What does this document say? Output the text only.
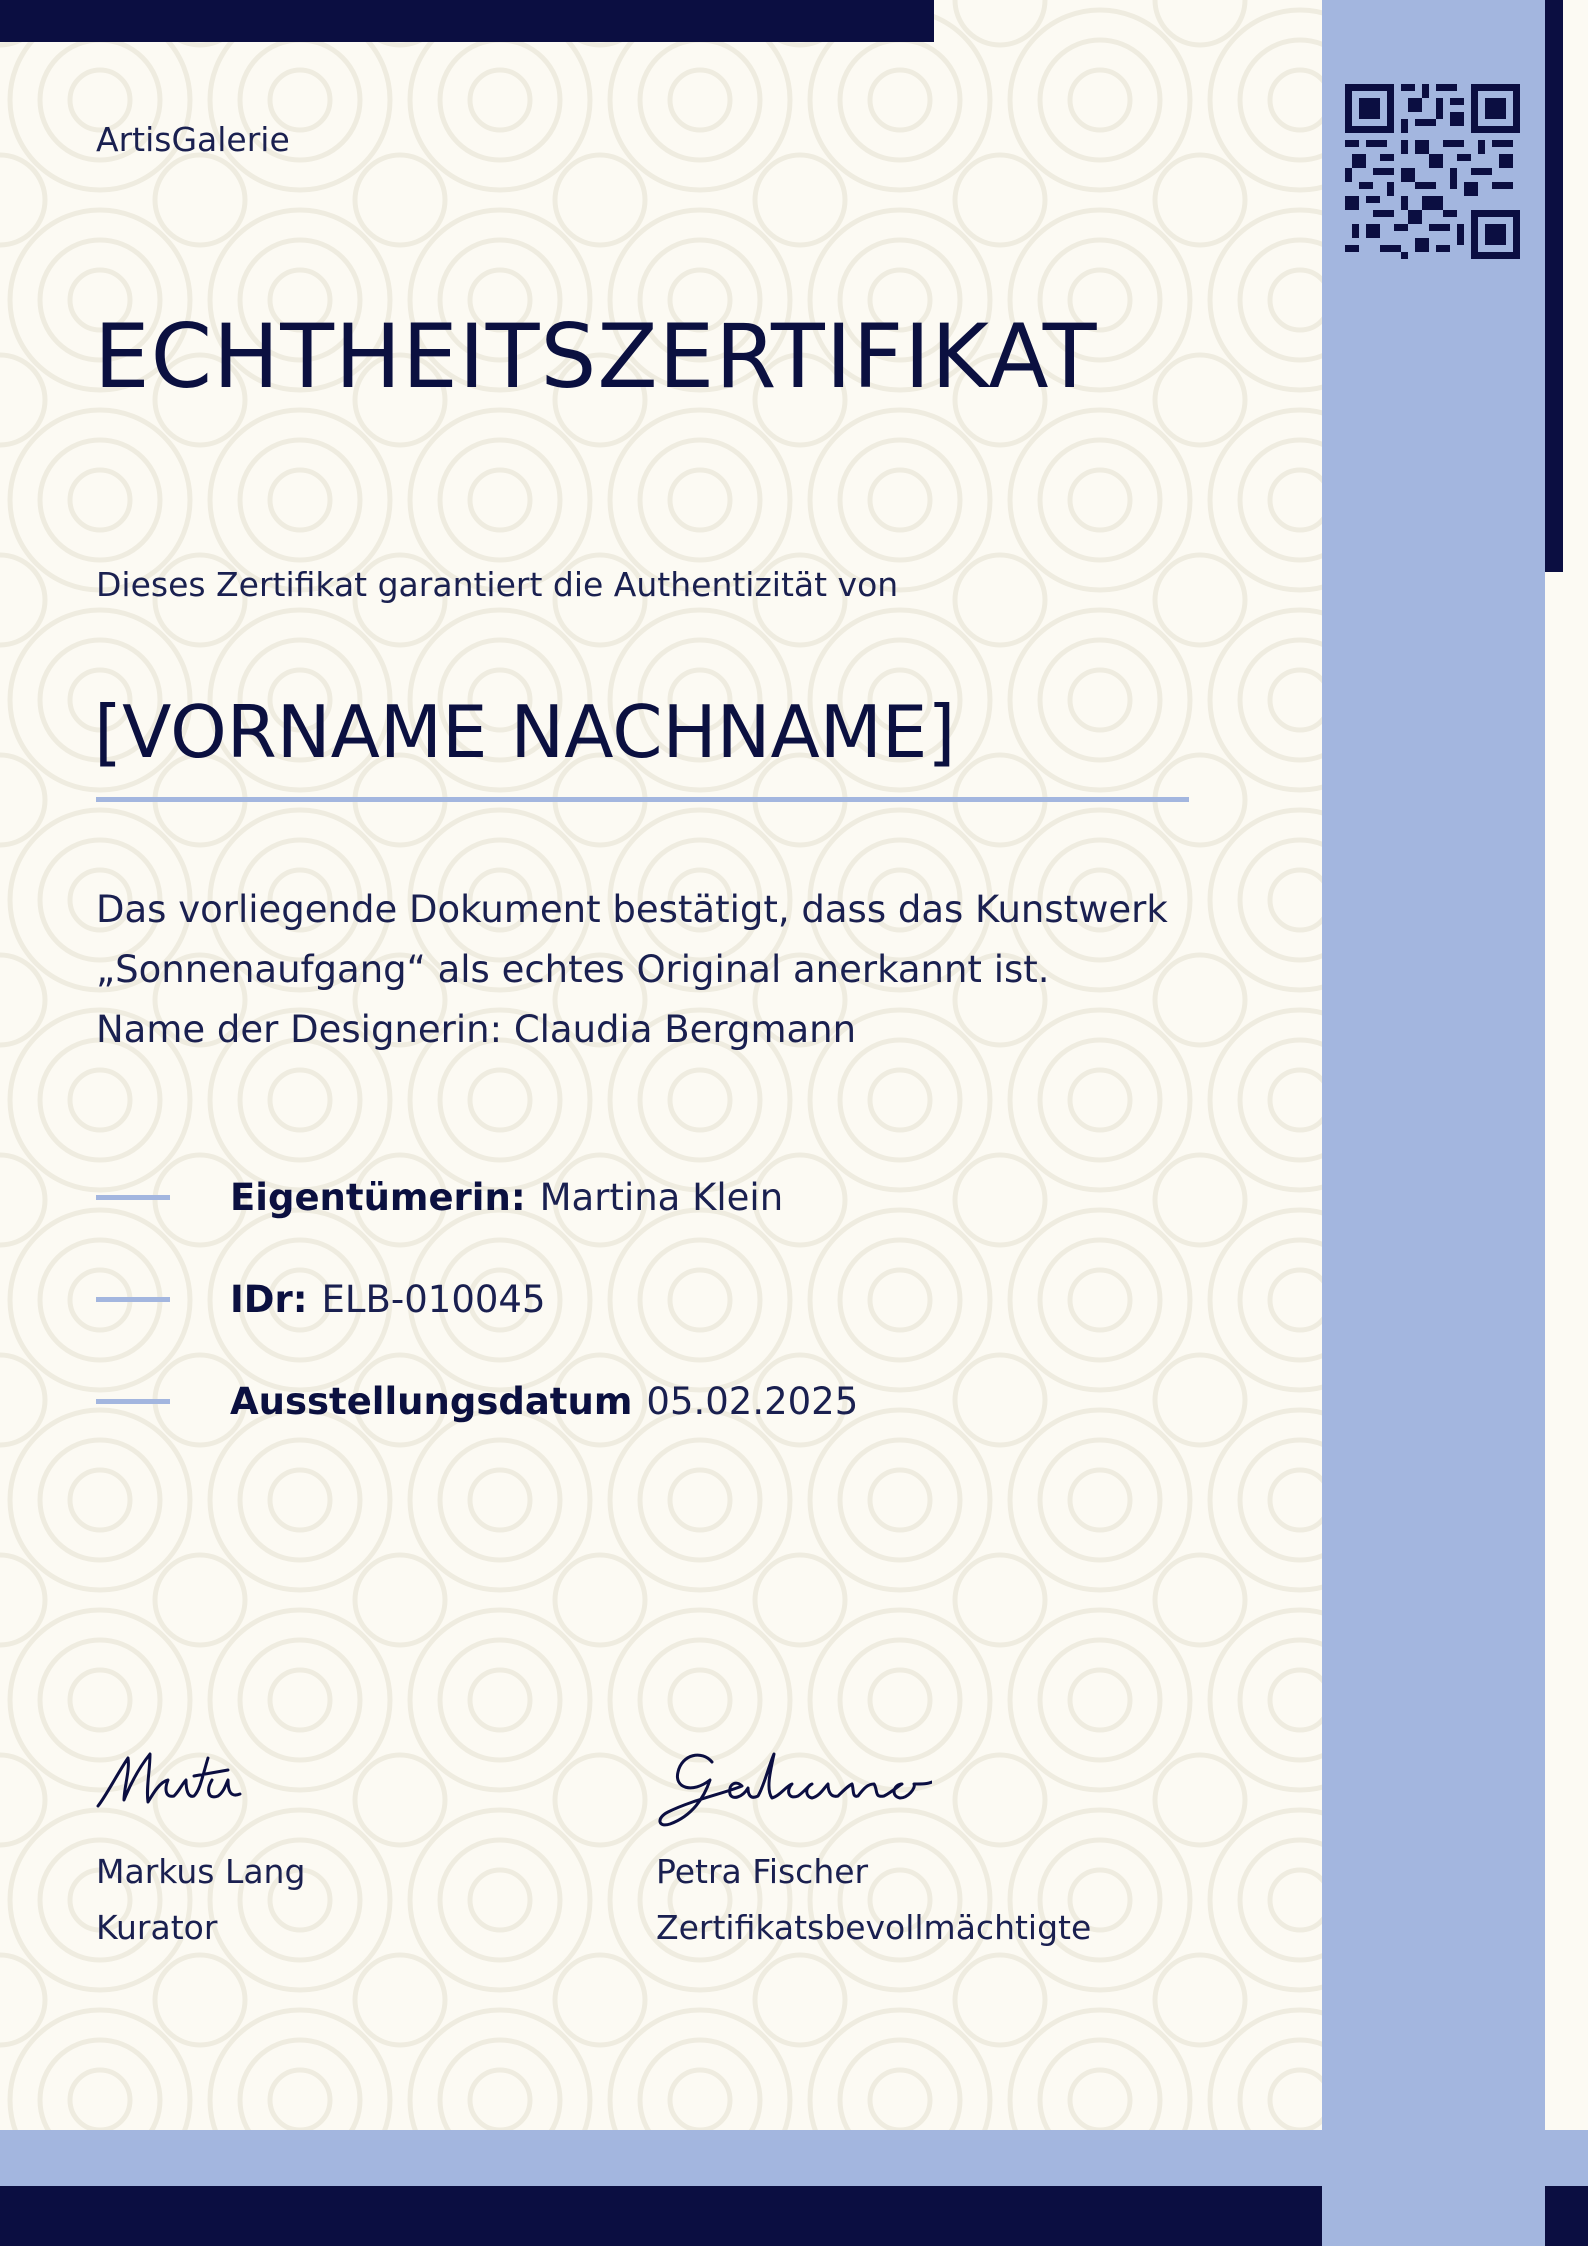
ArtisGalerie
ECHTHEITSZERTIFIKAT
Dieses Zertifikat garantiert die Authentizität von
[VORNAME NACHNAME]
Das vorliegende Dokument bestätigt, dass das Kunstwerk
„Sonnenaufgang“ als echtes Original anerkannt ist.
Name der Designerin: Claudia Bergmann
Eigentümerin: Martina Klein
IDr: ELB-010045
Ausstellungsdatum 05.02.2025
Markus Lang
Kurator
Petra Fischer
Zertifikatsbevollmächtigte
